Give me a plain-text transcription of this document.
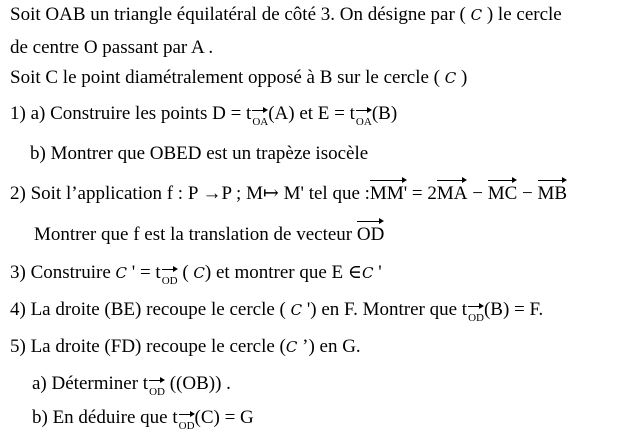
Soit OAB un triangle équilatéral de côté 3. On désigne par ( C ) le cercle
de centre O passant par A .
Soit C le point diamétralement opposé à B sur le cercle ( C )
1) a) Construire les points $D = t_{OA}(A)$ et $E = t_{OA}(B)$
b) Montrer que OBED est un trapèze isocèle
2) Soit l’application f : P →P ; M↦ M' tel que :MM' = 2MA − MC − MB
Montrer que f est la translation de vecteur OD
3) Construire C ' = $t_{OD}$ ( C) et montrer que E ∈C '
4) La droite (BE) recoupe le cercle ( C ') en F. Montrer que $t_{OD}(B) = F$.
5) La droite (FD) recoupe le cercle (C ’) en G.
a) Déterminer $t_{OD}$ ((OB)) .
b) En déduire que $t_{OD}(C) = G$
